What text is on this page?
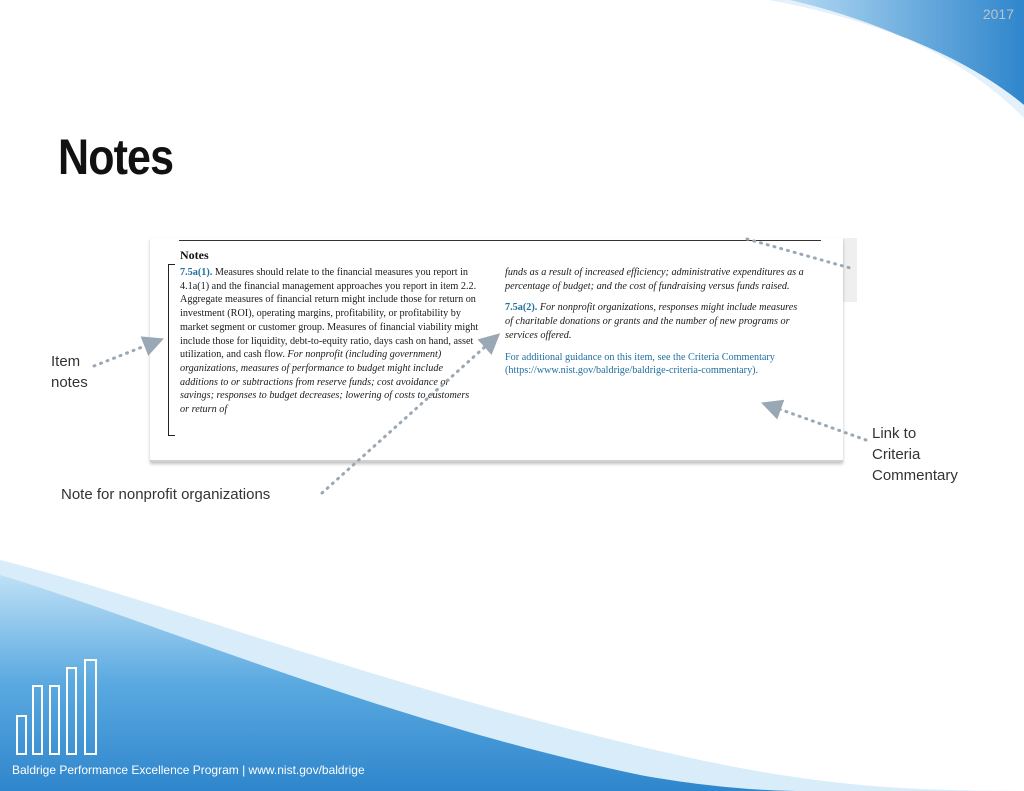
2017
Notes
Notes

7.5a(1). Measures should relate to the financial measures you report in 4.1a(1) and the financial management approaches you report in item 2.2. Aggregate measures of financial return might include those for return on investment (ROI), operating margins, profitability, or profitability by market segment or customer group. Measures of financial viability might include those for liquidity, debt-to-equity ratio, days cash on hand, asset utilization, and cash flow. For nonprofit (including government) organizations, measures of performance to budget might include additions to or subtractions from reserve funds; cost avoidance or savings; responses to budget decreases; lowering of costs to customers or return of

funds as a result of increased efficiency; administrative expenditures as a percentage of budget; and the cost of fundraising versus funds raised.

7.5a(2). For nonprofit organizations, responses might include measures of charitable donations or grants and the number of new programs or services offered.

For additional guidance on this item, see the Criteria Commentary (https://www.nist.gov/baldrige/baldrige-criteria-commentary).

Item
notes
Note for nonprofit organizations
Link to
Criteria
Commentary
Baldrige Performance Excellence Program | www.nist.gov/baldrige
